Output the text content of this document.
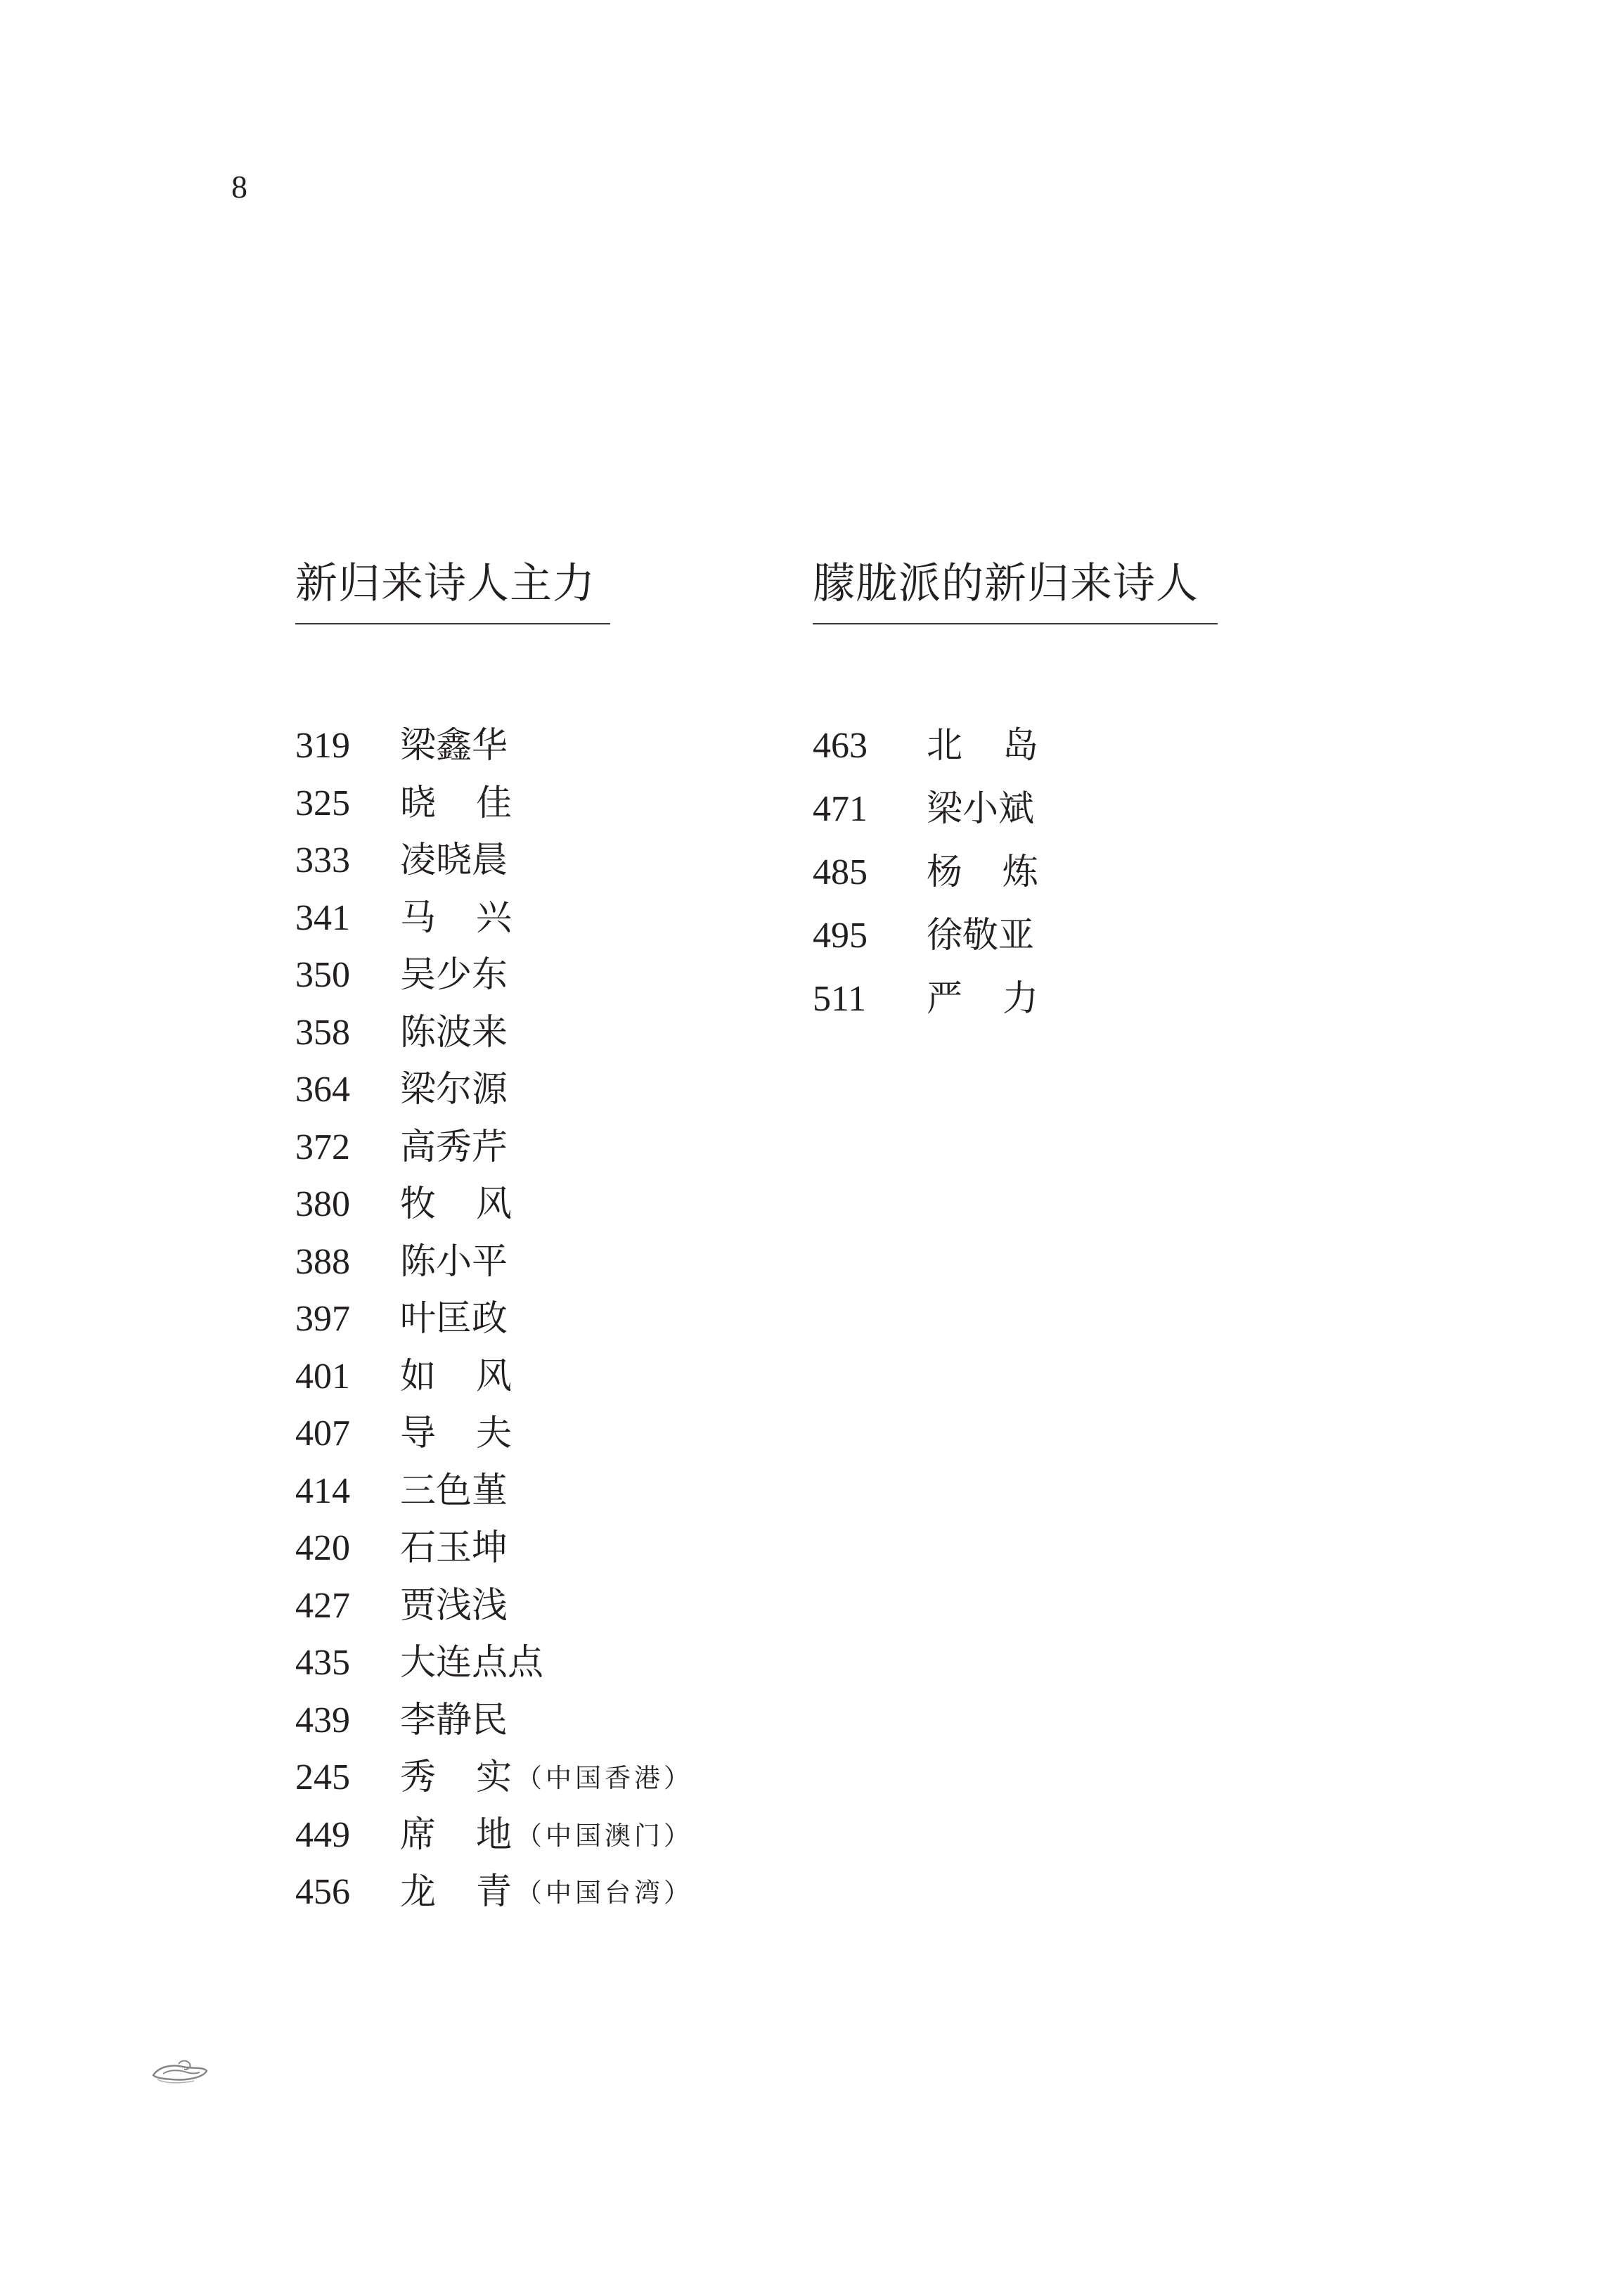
8
新归来诗人主力
319 梁鑫华
325 晓 佳
333 凌晓晨
341 马 兴
350 吴少东
358 陈波来
364 梁尔源
372 高秀芹
380 牧 风
388 陈小平
397 叶匡政
401 如 风
407 导 夫
414 三色堇
420 石玉坤
427 贾浅浅
435 大连点点
439 李静民
245 秀 实 （中国香港）
449 席 地 （中国澳门）
456 龙 青 （中国台湾）
朦胧派的新归来诗人
463 北 岛
471 梁小斌
485 杨 炼
495 徐敬亚
511 严 力
